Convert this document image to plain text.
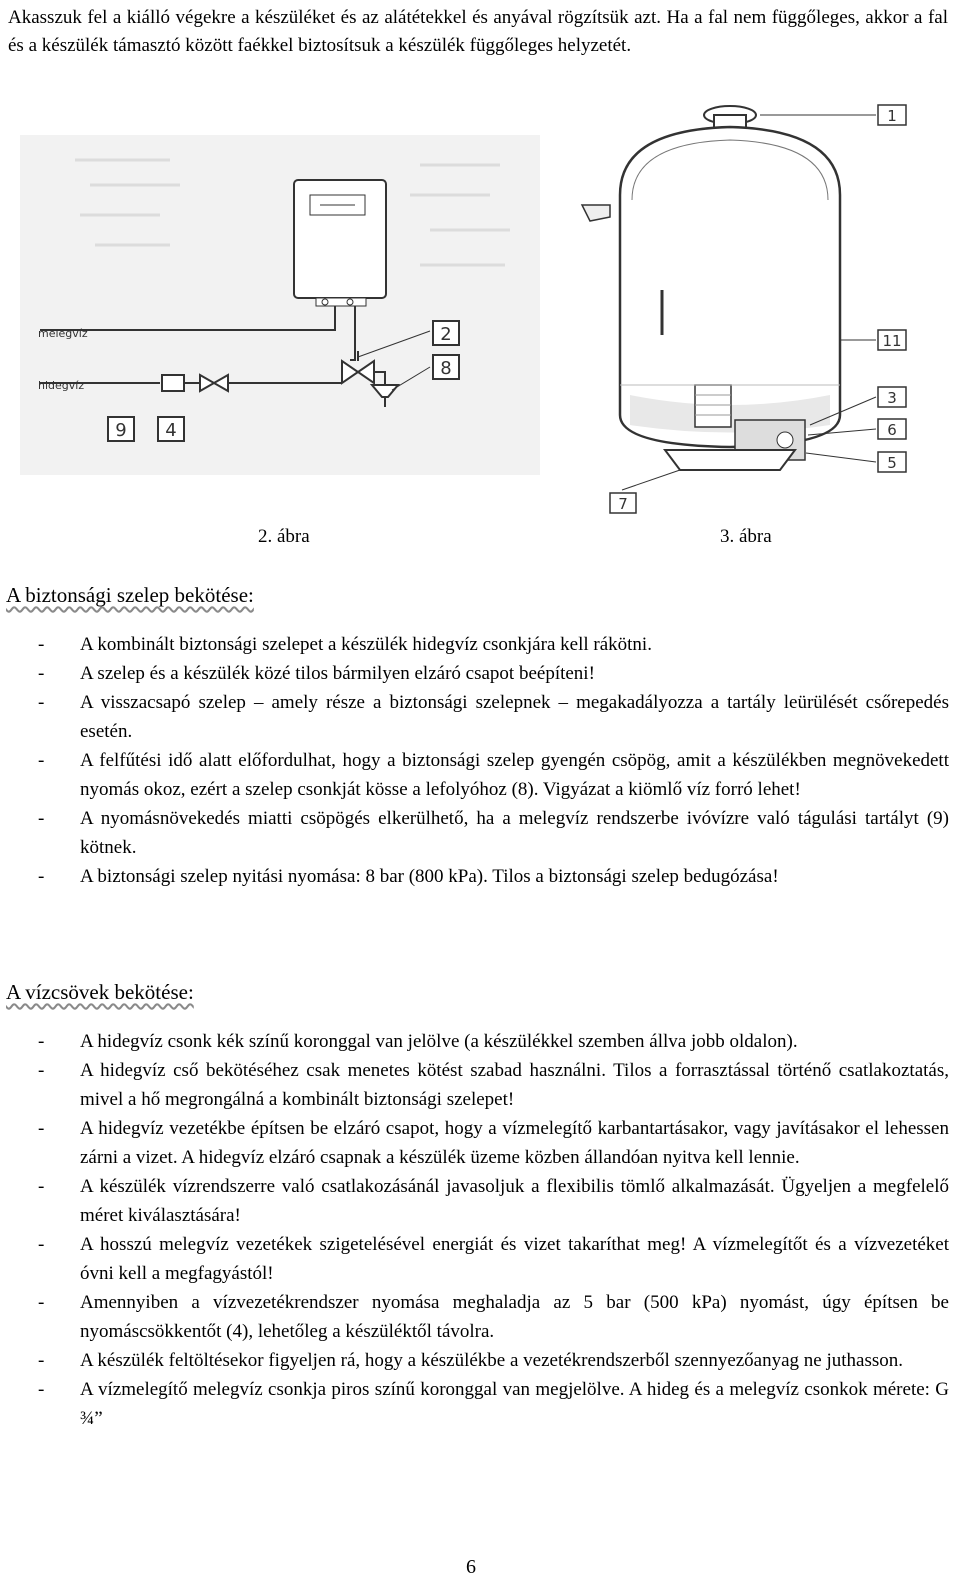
Akasszuk fel a kiálló végekre a készüléket és az alátétekkel és anyával rögzítsük azt. Ha a fal nem függőleges, akkor a fal és a készülék támasztó között faékkel biztosítsuk a készülék függőleges helyzetét.
melegvíz
hidegvíz
2
8
9 4
1
11
3
6
5
7
2. ábra	3. ábra
A biztonsági szelep bekötése:
- A kombinált biztonsági szelepet a készülék hidegvíz csonkjára kell rákötni.
- A szelep és a készülék közé tilos bármilyen elzáró csapot beépíteni!
- A visszacsapó szelep – amely része a biztonsági szelepnek – megakadályozza a tartály leürülését csőrepedés esetén.
- A felfűtési idő alatt előfordulhat, hogy a biztonsági szelep gyengén csöpög, amit a készülékben megnövekedett nyomás okoz, ezért a szelep csonkját kösse a lefolyóhoz (8). Vigyázat a kiömlő víz forró lehet!
- A nyomásnövekedés miatti csöpögés elkerülhető, ha a melegvíz rendszerbe ivóvízre való tágulási tartályt (9) kötnek.
- A biztonsági szelep nyitási nyomása: 8 bar (800 kPa). Tilos a biztonsági szelep bedugózása!
A vízcsövek bekötése:
- A hidegvíz csonk kék színű koronggal van jelölve (a készülékkel szemben állva jobb oldalon).
- A hidegvíz cső bekötéséhez csak menetes kötést szabad használni. Tilos a forrasztással történő csatlakoztatás, mivel a hő megrongálná a kombinált biztonsági szelepet!
- A hidegvíz vezetékbe építsen be elzáró csapot, hogy a vízmelegítő karbantartásakor, vagy javításakor el lehessen zárni a vizet. A hidegvíz elzáró csapnak a készülék üzeme közben állandóan nyitva kell lennie.
- A készülék vízrendszerre való csatlakozásánál javasoljuk a flexibilis tömlő alkalmazását. Ügyeljen a megfelelő méret kiválasztására!
- A hosszú melegvíz vezetékek szigetelésével energiát és vizet takaríthat meg! A vízmelegítőt és a vízvezetéket óvni kell a megfagyástól!
- Amennyiben a vízvezetékrendszer nyomása meghaladja az 5 bar (500 kPa) nyomást, úgy építsen be nyomáscsökkentőt (4), lehetőleg a készüléktől távolra.
- A készülék feltöltésekor figyeljen rá, hogy a készülékbe a vezetékrendszerből szennyezőanyag ne juthasson.
- A vízmelegítő melegvíz csonkja piros színű koronggal van megjelölve. A hideg és a melegvíz csonkok mérete: G ¾”
6
